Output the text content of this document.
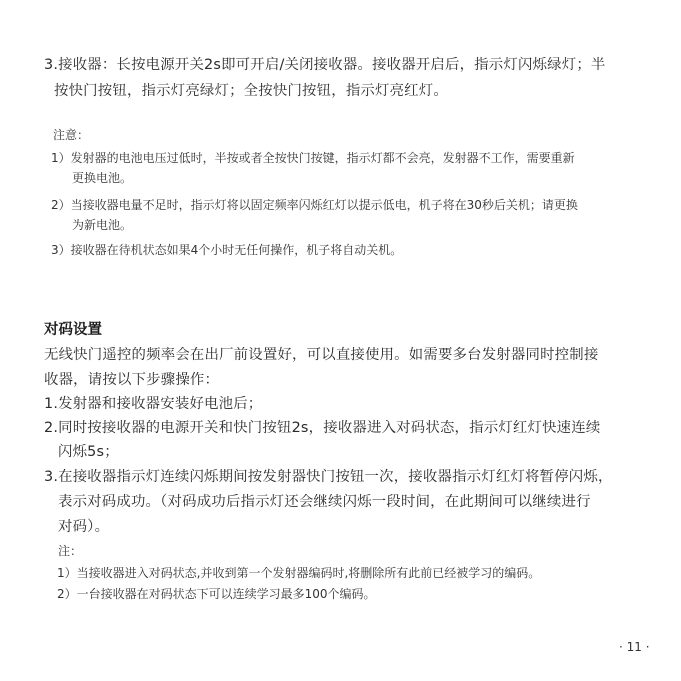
3.接收器：长按电源开关2s即可开启/关闭接收器。接收器开启后，指示灯闪烁绿灯；半
按快门按钮，指示灯亮绿灯；全按快门按钮，指示灯亮红灯。
注意：
1）发射器的电池电压过低时，半按或者全按快门按键，指示灯都不会亮，发射器不工作，需要重新
更换电池。
2）当接收器电量不足时，指示灯将以固定频率闪烁红灯以提示低电，机子将在30秒后关机；请更换
为新电池。
3）接收器在待机状态如果4个小时无任何操作，机子将自动关机。
对码设置
无线快门遥控的频率会在出厂前设置好，可以直接使用。如需要多台发射器同时控制接
收器，请按以下步骤操作：
1.发射器和接收器安装好电池后；
2.同时按接收器的电源开关和快门按钮2s，接收器进入对码状态，指示灯红灯快速连续
闪烁5s；
3.在接收器指示灯连续闪烁期间按发射器快门按钮一次，接收器指示灯红灯将暂停闪烁，
表示对码成功。（对码成功后指示灯还会继续闪烁一段时间，在此期间可以继续进行
对码）。
注：
1）当接收器进入对码状态,并收到第一个发射器编码时,将删除所有此前已经被学习的编码。
2）一台接收器在对码状态下可以连续学习最多100个编码。
· 11 ·
